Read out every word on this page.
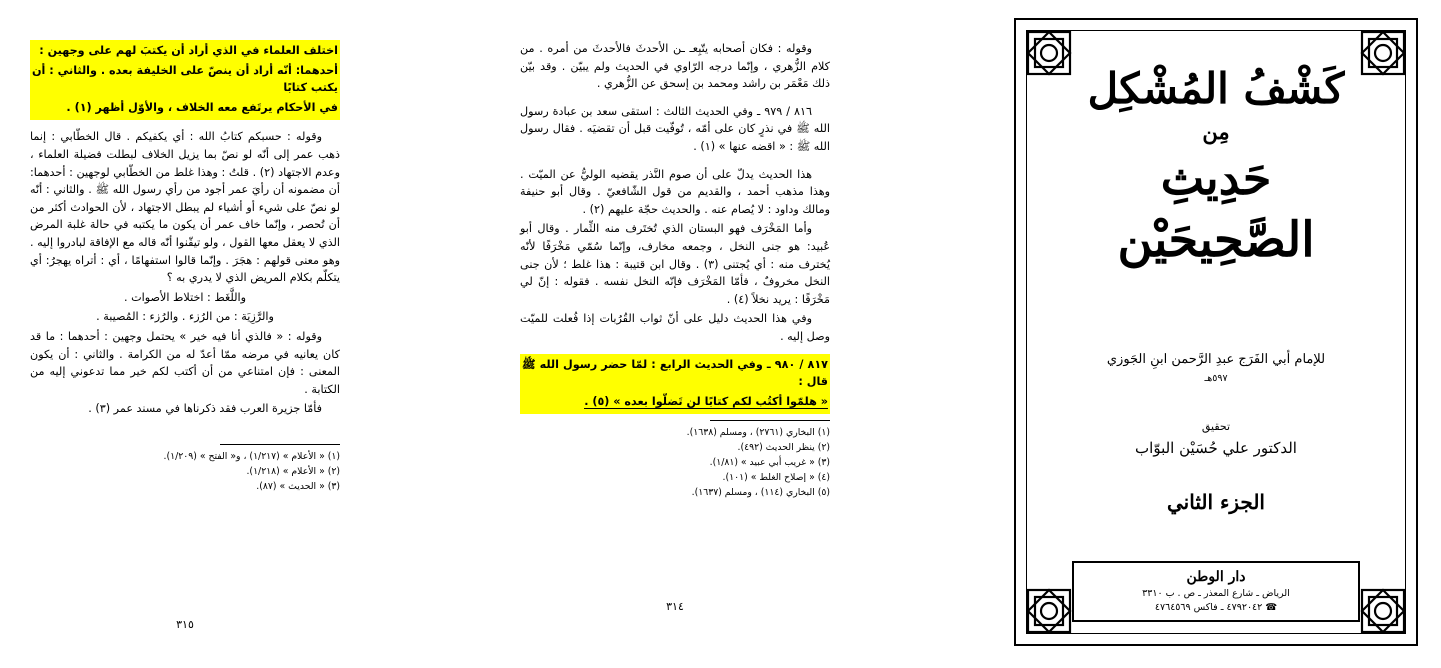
اختلف العلماء في الذي أراد أن يكتبَ لهم على وجهين :

أحدهما: أنّه أراد أن ينصّ على الخليفة بعده . والثاني : أن يكتب كتابًا

في الأحكام يرتَفع معه الخلاف ، والأوّل أظهر (١) .

وقوله : حسبكم كتابُ الله : أي يكفيكم . قال الخطّابي : إنما ذهب عمر إلى أنّه لو نصّ بما يزيل الخلاف لبطلت فضيلة العلماء ، وعدم الاجتهاد (٢) . قلتُ : وهذا غلط من الخطّابي لوجهين : أحدهما: أن مضمونه أن رأيَ عمر أجود من رأي رسول الله ﷺ . والثاني : أنّه لو نصّ على شيء أو أشياء لم يبطل الاجتهاد ، لأن الحوادث أكثر من أن تُحصر ، وإنّما خاف عمر أن يكون ما يكتبه في حالة غلبة المرض الذي لا يعقل معها القول ، ولو تيقّنوا أنّه قاله مع الإفاقة لبادروا إليه . وهو معنى قولهم : هجَرَ . وإنّما قالوا استفهامًا ، أي : أتراه يهجرُ: أي يتكلّم بكلام المريض الذي لا يدري به ؟

واللَّغَط : اختلاط الأصوات .

والرَّزِيَة : من الرُزء . والرُزء : المُصيبة .

وقوله : « فالذي أنا فيه خير » يحتمل وجهين : أحدهما : ما قد كان يعانيه في مرضه ممّا أعدّ له من الكرامة . والثاني : أن يكون المعنى : فإن امتناعي من أن أكتب لكم خير مما تدعوني إليه من الكتابة .

فأمّا جزيرة العرب فقد ذكرناها في مسند عمر (٣) .

(١) « الأعلام » (١/٢١٧) ، و« الفتح » (١/٢٠٩).
(٢) « الأعلام » (١/٢١٨).
(٣) « الحديث » (٨٧).
٣١٥

وقوله : فكان أصحابه يتّبِعـ ـن الأحدثَ فالأحدثَ من أمره . من كلام الزُّهري ، وإنّما درجه الرّاوي في الحديث ولم يبيّن . وقد بيّن ذلك مَعْمَر بن راشد ومحمد بن إسحق عن الزُّهري .

٨١٦ / ٩٧٩ ـ وفي الحديث الثالث : استقى سعد بن عبادة رسول الله ﷺ في نذرٍ كان على أمّه ، تُوفّيت قبل أن تقضيَه . فقال رسول الله ﷺ : « اقضه عنها » (١) .

هذا الحديث يدلّ على أن صوم النَّذر يقضيه الوليُّ عن الميّت . وهذا مذهب أحمد ، والقديم من قول الشّافعيّ . وقال أبو حنيفة ومالك وداود : لا يُصام عنه . والحديث حجّة عليهم (٢) .

وأما المَخْرَف فهو البستان الذي تُختَرف منه الثِّمار . وقال أبو عُبيد: هو جنى النخل ، وجمعه مخارف، وإنّما سُمّي مَخْرَفًا لأنّه يُخترف منه : أي يُجتنى (٣) . وقال ابن قتيبة : هذا غلط ؛ لأن جنى النخل مخروفٌ ، فأمّا المَخْرَف فإنّه النخل نفسه . فقوله : إنّ لي مَخْرَفًا : يريد نخلاً (٤) .

وفي هذا الحديث دليل على أنّ ثواب القُرُبات إذا فُعلت للميّت وصل إليه .

٨١٧ / ٩٨٠ ـ وفي الحديث الرابع : لمّا حضر رسول الله ﷺ قال :

« هلمّوا أكتُب لكم كتابًا لن تَضلّوا بعده » (٥) .

(١) البخاري (٢٧٦١) ، ومسلم (١٦٣٨).
(٢) ينظر الحديث (٤٩٢).
(٣) « غريب أبي عبيد » (١/٨١).
(٤) « إصلاح الغلط » (١٠١).
(٥) البخاري (١١٤) ، ومسلم (١٦٣٧).
٣١٤
كَشْفُ المُشْكِل
مِن
حَدِيثِ
الصَّحِيحَيْن
للإمام أبي الفَرَج عبدِ الرَّحمن ابنِ الجَوزي
٥٩٧هـ
تحقيق
الدكتور علي حُسَيْن البوّاب
الجزء الثاني
دار الوطن
الرياض ـ شارع المعذر ـ ص . ب ٣٣١٠
☎ ٤٧٩٢٠٤٢ ـ فاكس ٤٧٦٤٥٦٩
